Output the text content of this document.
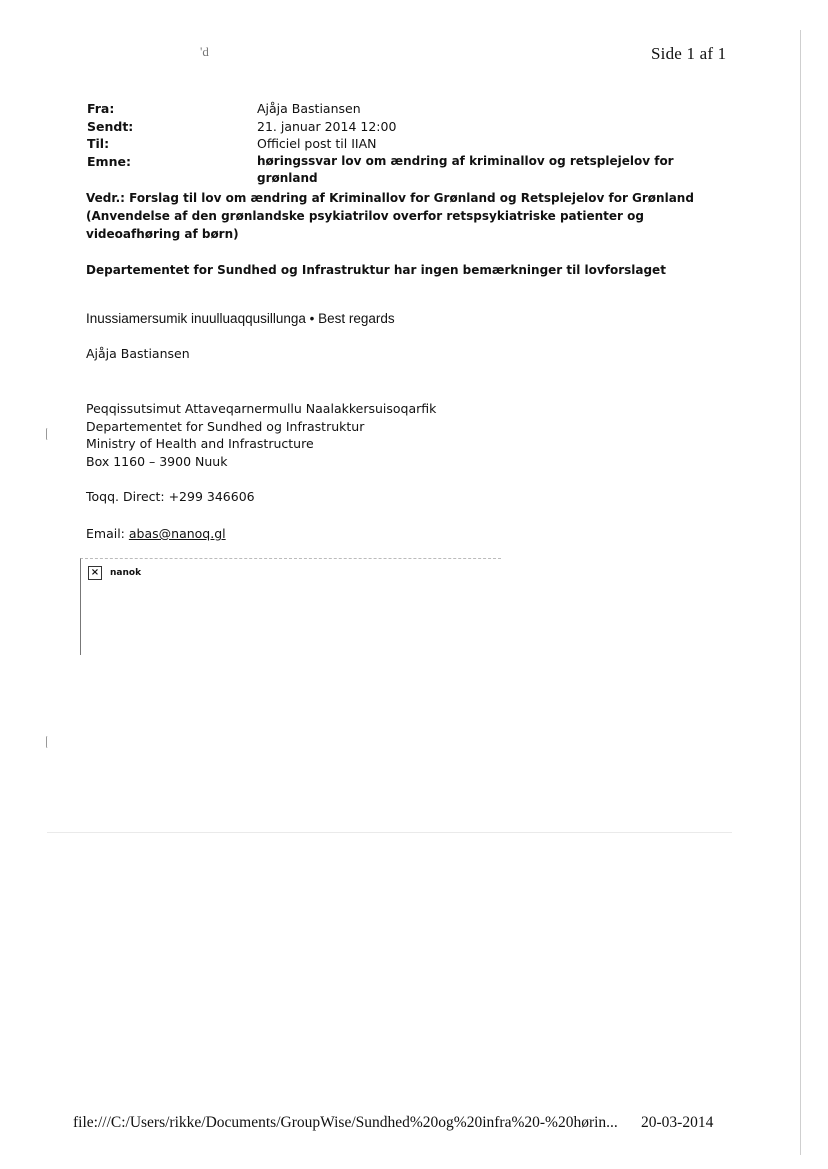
'd	Side 1 af 1
Fra:	Ajåja Bastiansen
Sendt:	21. januar 2014 12:00
Til:	Officiel post til IIAN
Emne:	høringssvar lov om ændring af kriminallov og retsplejelov for grønland
Vedr.: Forslag til lov om ændring af Kriminallov for Grønland og Retsplejelov for Grønland (Anvendelse af den grønlandske psykiatrilov overfor retspsykiatriske patienter og videoafhøring af børn)
Departementet for Sundhed og Infrastruktur har ingen bemærkninger til lovforslaget
Inussiamersumik inuulluaqqusillunga • Best regards
Ajåja Bastiansen
Peqqissutsimut Attaveqarnermullu Naalakkersuisoqarfik
Departementet for Sundhed og Infrastruktur
Ministry of Health and Infrastructure
Box 1160 – 3900 Nuuk
Toqq. Direct: +299 346606
Email: abas@nanoq.gl
×	nanok
file:///C:/Users/rikke/Documents/GroupWise/Sundhed%20og%20infra%20-%20hørin... 20-03-2014
